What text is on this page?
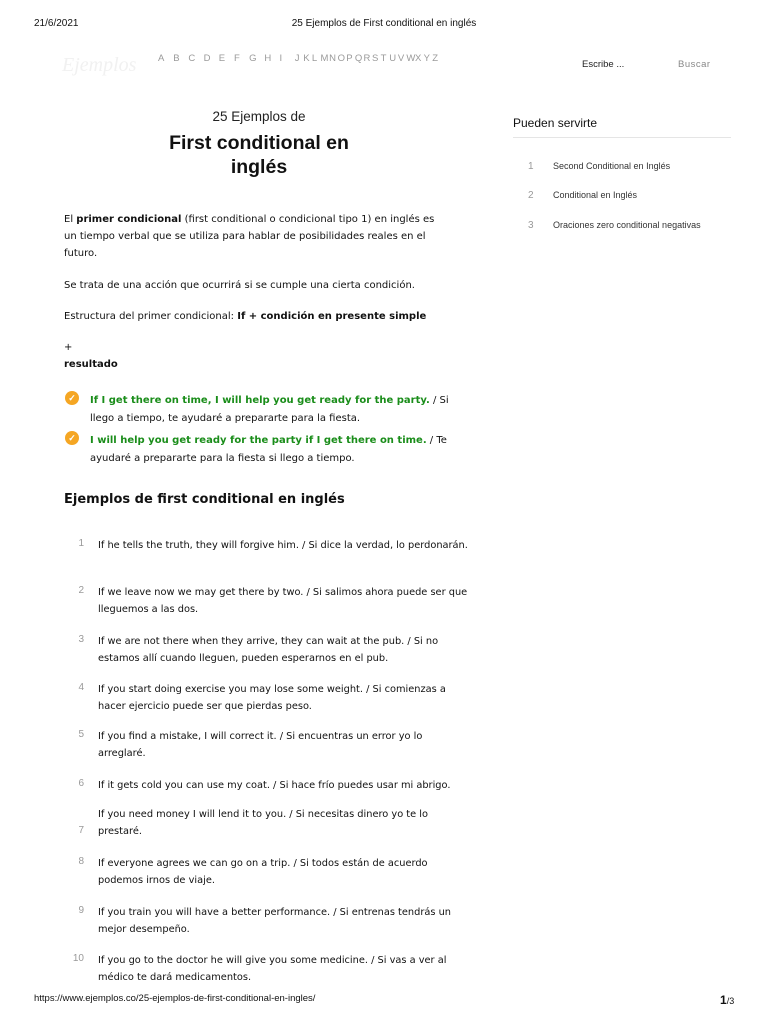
21/6/2021	25 Ejemplos de First conditional en inglés
Ejemplos A B C D E F G H I	J K L M N O P Q R S T U V W X Y Z
Escribe ...
Buscar
25 Ejemplos de
First conditional en inglés
El primer condicional (first conditional o condicional tipo 1) en inglés es un tiempo verbal que se utiliza para hablar de posibilidades reales en el futuro.
Se trata de una acción que ocurrirá si se cumple una cierta condición.
Estructura del primer condicional: If + condición en presente simple
+
resultado
✓	If I get there on time, I will help you get ready for the party. / Si llego a tiempo, te ayudaré a prepararte para la fiesta.
✓	I will help you get ready for the party if I get there on time. / Te ayudaré a prepararte para la fiesta si llego a tiempo.
Ejemplos de first conditional en inglés
1 If he tells the truth, they will forgive him. / Si dice la verdad, lo perdonarán.
2 If we leave now we may get there by two. / Si salimos ahora puede ser que lleguemos a las dos.
3 If we are not there when they arrive, they can wait at the pub. / Si no estamos allí cuando lleguen, pueden esperarnos en el pub.
4 If you start doing exercise you may lose some weight. / Si comienzas a hacer ejercicio puede ser que pierdas peso.
5 If you find a mistake, I will correct it. / Si encuentras un error yo lo arreglaré.
6 If it gets cold you can use my coat. / Si hace frío puedes usar mi abrigo.
7
If you need money I will lend it to you. / Si necesitas dinero yo te lo prestaré.
8 If everyone agrees we can go on a trip. / Si todos están de acuerdo podemos irnos de viaje.
9 If you train you will have a better performance. / Si entrenas tendrás un mejor desempeño.
10 If you go to the doctor he will give you some medicine. / Si vas a ver al médico te dará medicamentos.
Pueden servirte
1	Second Conditional en Inglés
2	Conditional en Inglés
3	Oraciones zero conditional negativas
https://www.ejemplos.co/25-ejemplos-de-first-conditional-en-ingles/	1/3
